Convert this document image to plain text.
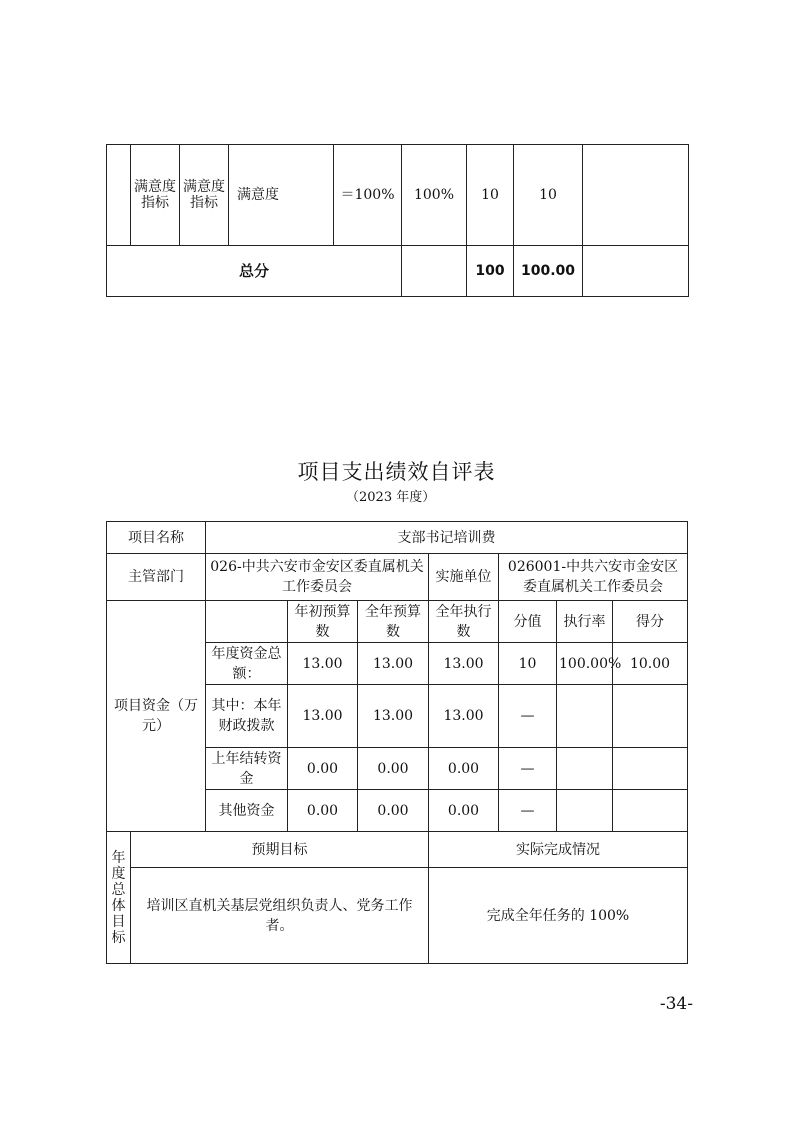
	满意度指标	满意度指标	满意度	＝100%	100%	10	10	
总分						100	100.00	
项目支出绩效自评表
（2023 年度）
项目名称		支部书记培训费						
主管部门		026-中共六安市金安区委直属机关工作委员会			实施单位	026001-中共六安市金安区委直属机关工作委员会		
项目资金（万元）			年初预算数	全年预算数	全年执行数	分值	执行率	得分
		年度资金总额：	13.00	13.00	13.00	10	100.00%	10.00
		其中：本年财政拨款	13.00	13.00	13.00	—		
		上年结转资金	0.00	0.00	0.00	—		
		其他资金	0.00	0.00	0.00	—		
年度总体目标	预期目标				实际完成情况			
	培训区直机关基层党组织负责人、党务工作者。				完成全年任务的 100%			
-34-
